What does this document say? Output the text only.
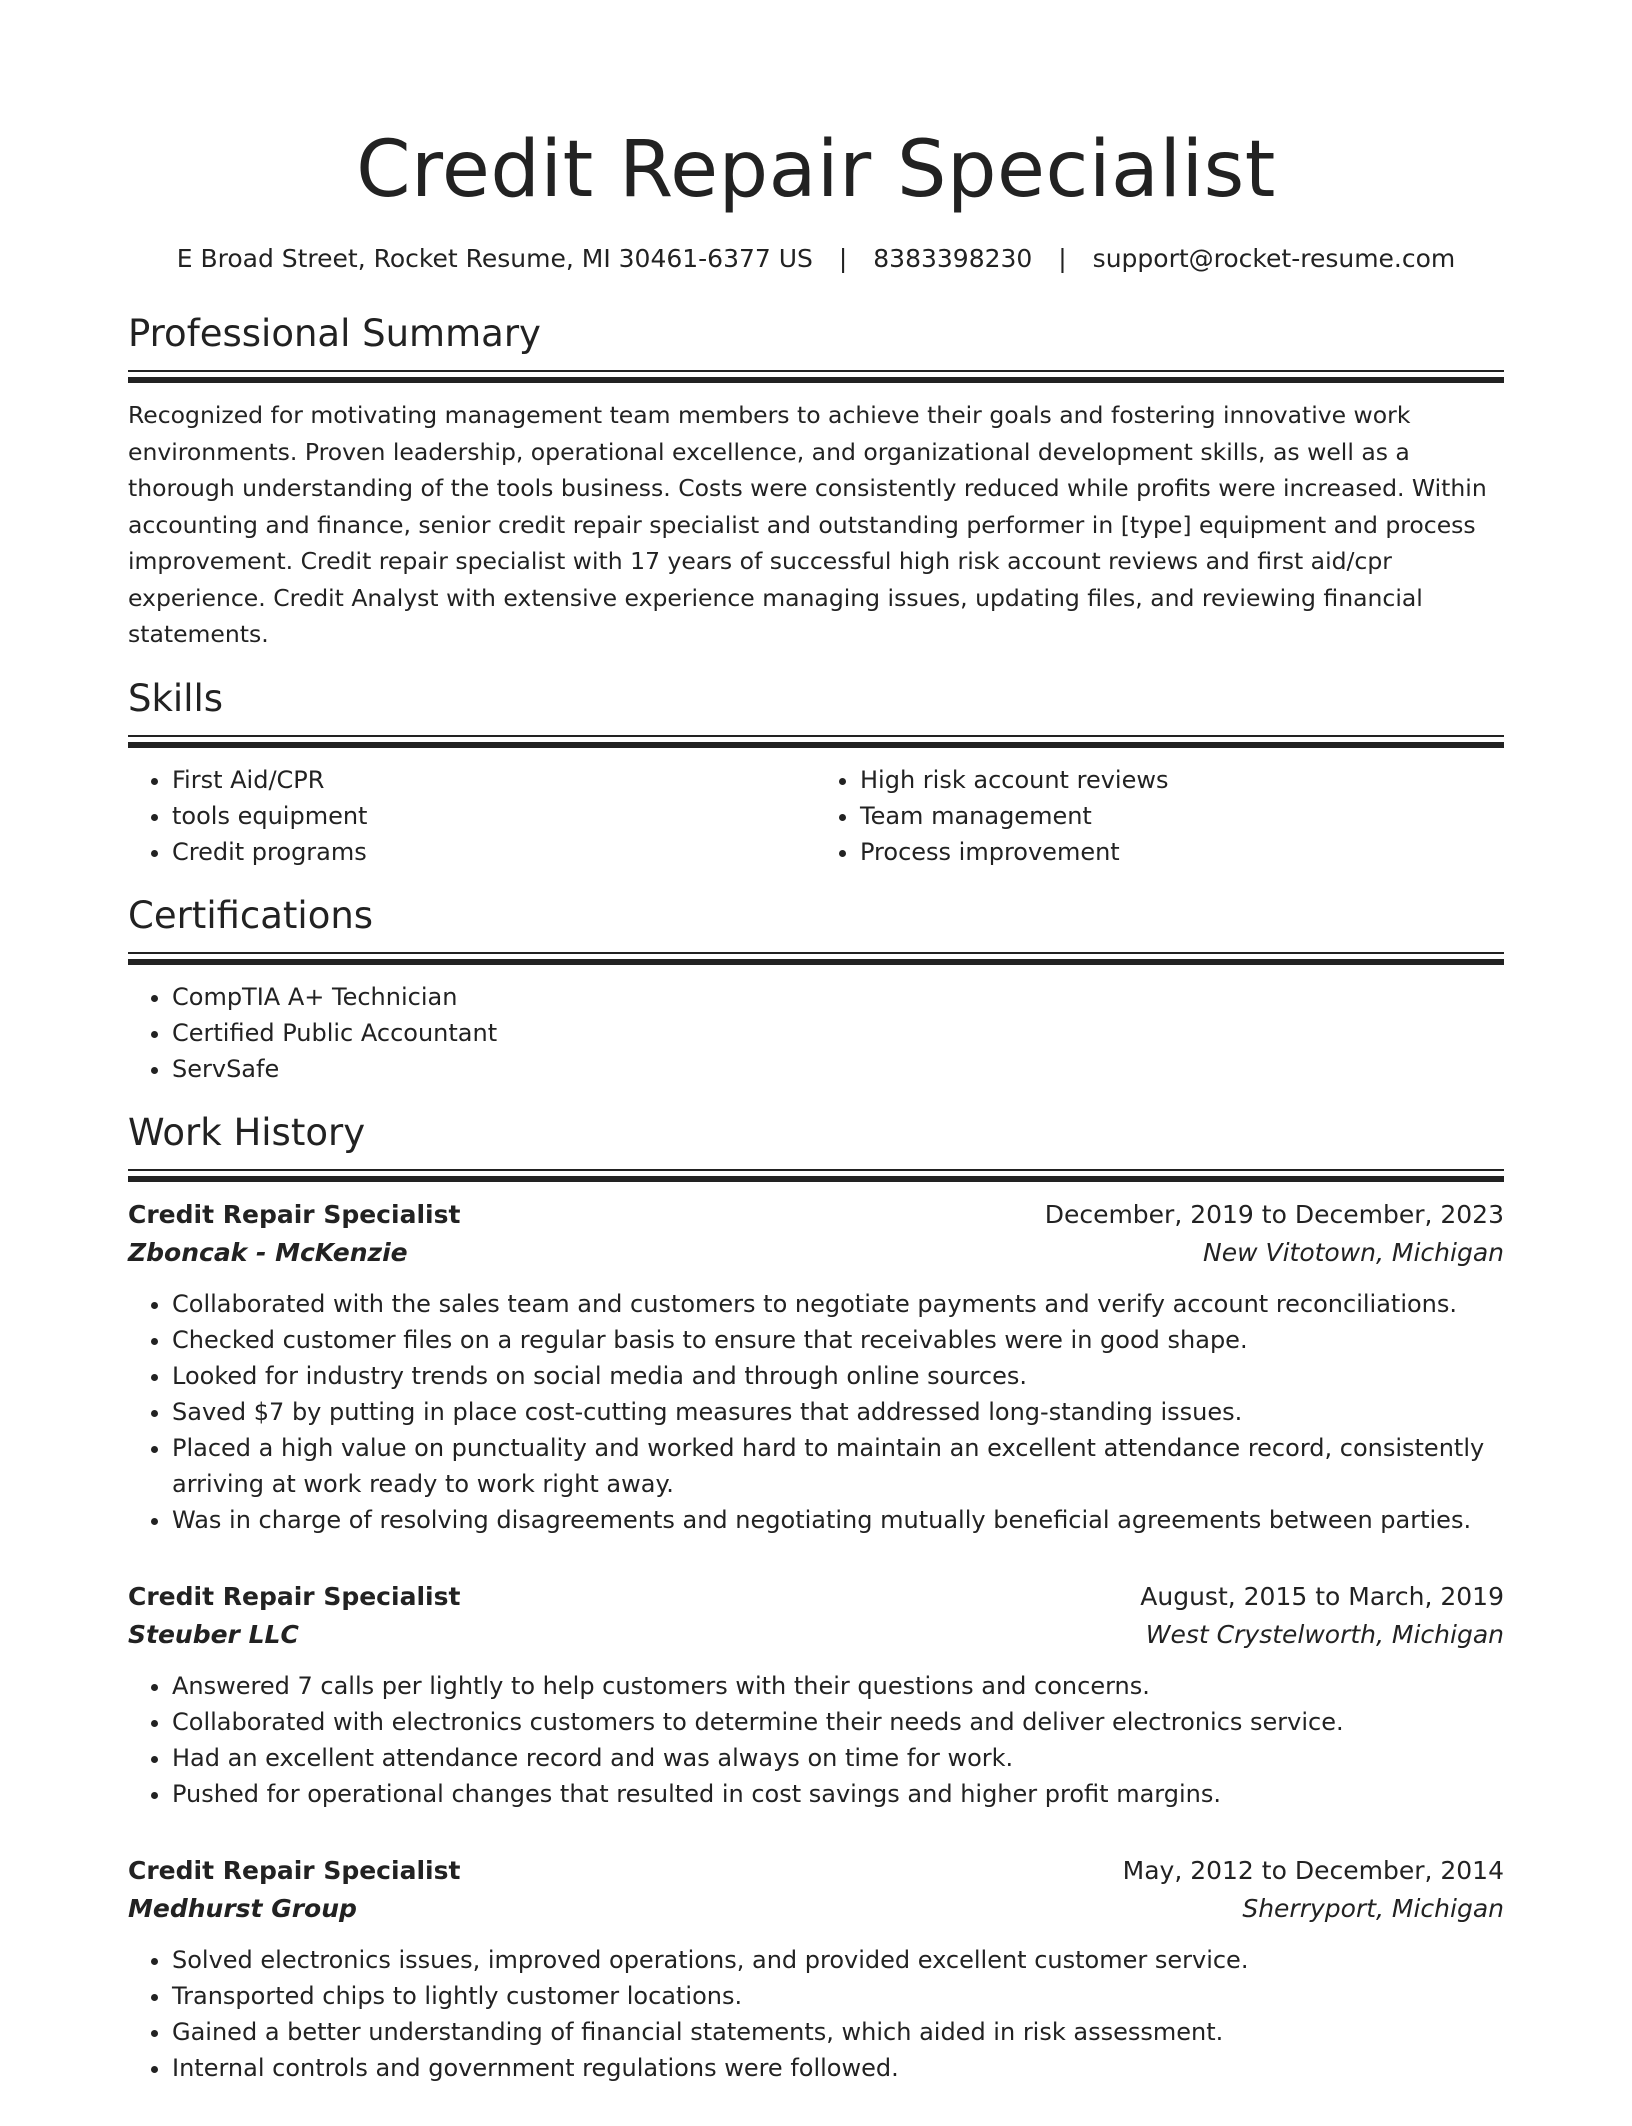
Credit Repair Specialist
E Broad Street, Rocket Resume, MI 30461-6377 US | 8383398230 | support@rocket-resume.com
Professional Summary

Recognized for motivating management team members to achieve their goals and fostering innovative work environments. Proven leadership, operational excellence, and organizational development skills, as well as a thorough understanding of the tools business. Costs were consistently reduced while profits were increased. Within accounting and finance, senior credit repair specialist and outstanding performer in [type] equipment and process improvement. Credit repair specialist with 17 years of successful high risk account reviews and first aid/cpr experience. Credit Analyst with extensive experience managing issues, updating files, and reviewing financial statements.

Skills
• First Aid/CPR
• tools equipment
• Credit programs
• High risk account reviews
• Team management
• Process improvement
Certifications
• CompTIA A+ Technician
• Certified Public Accountant
• ServSafe
Work History
Credit Repair Specialist	December, 2019 to December, 2023
Zboncak - McKenzie	New Vitotown, Michigan
• Collaborated with the sales team and customers to negotiate payments and verify account reconciliations.
• Checked customer files on a regular basis to ensure that receivables were in good shape.
• Looked for industry trends on social media and through online sources.
• Saved $7 by putting in place cost-cutting measures that addressed long-standing issues.
• Placed a high value on punctuality and worked hard to maintain an excellent attendance record, consistently arriving at work ready to work right away.
• Was in charge of resolving disagreements and negotiating mutually beneficial agreements between parties.
Credit Repair Specialist	August, 2015 to March, 2019
Steuber LLC	West Crystelworth, Michigan
• Answered 7 calls per lightly to help customers with their questions and concerns.
• Collaborated with electronics customers to determine their needs and deliver electronics service.
• Had an excellent attendance record and was always on time for work.
• Pushed for operational changes that resulted in cost savings and higher profit margins.
Credit Repair Specialist	May, 2012 to December, 2014
Medhurst Group	Sherryport, Michigan
• Solved electronics issues, improved operations, and provided excellent customer service.
• Transported chips to lightly customer locations.
• Gained a better understanding of financial statements, which aided in risk assessment.
• Internal controls and government regulations were followed.
